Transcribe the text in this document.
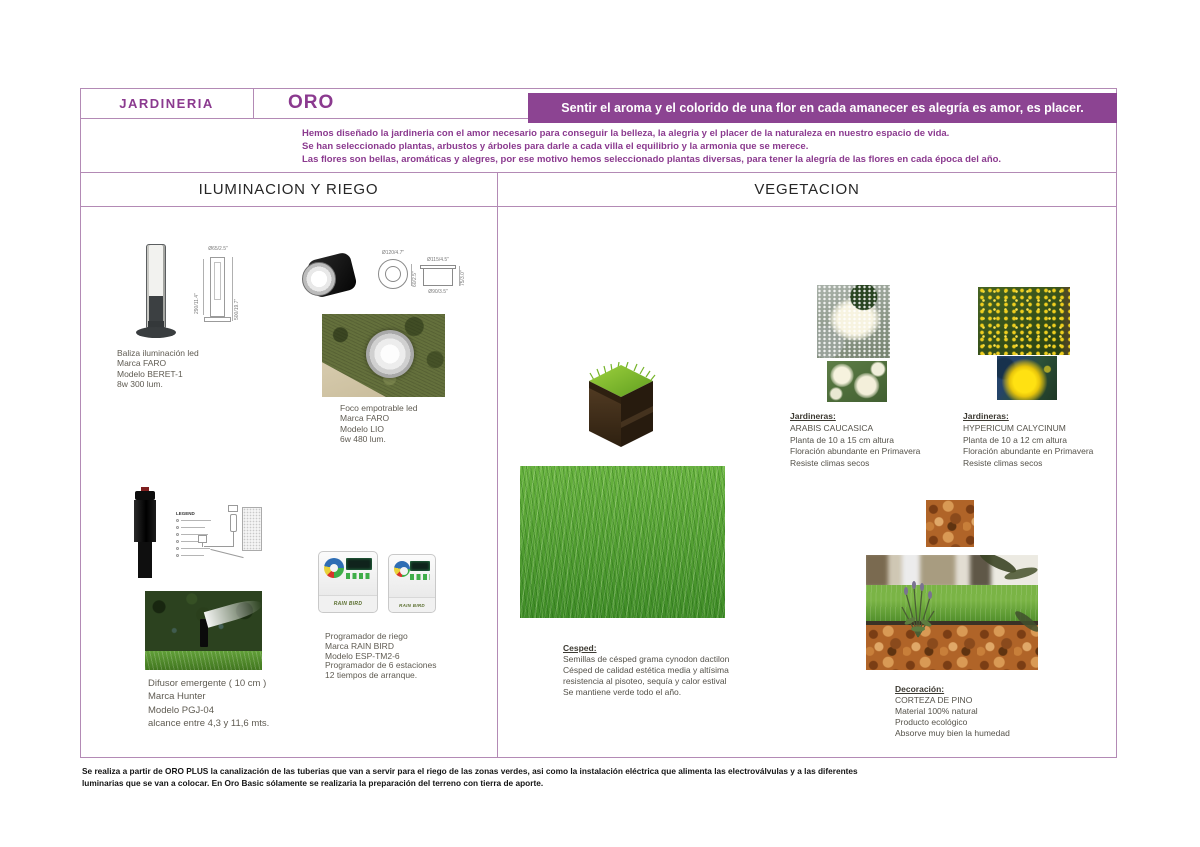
JARDINERIA	ORO	Sentir el aroma y el colorido de una flor en cada amanecer es alegría es amor, es placer.
Hemos diseñado la jardineria con el amor necesario para conseguir la belleza, la alegria y el placer de la naturaleza en nuestro espacio de vida.
Se han seleccionado plantas, arbustos y árboles para darle a cada villa el equilibrio y la armonia que se merece.
Las flores son bellas, aromáticas y alegres, por ese motivo hemos seleccionado plantas diversas, para tener la alegría de las flores en cada época del año.
ILUMINACION Y RIEGO	VEGETACION
Ø65/2.5"
290/11.4"	500/19.7"
Baliza iluminación led
Marca FARO
Modelo BERET-1
8w 300 lum.
Ø120/4.7"
60/2.5"
Ø115/4.5"
75/3.0"
Ø90/3.5"
Foco empotrable led
Marca FARO
Modelo LIO
6w 480 lum.
LEGEND
Difusor emergente ( 10 cm )
Marca Hunter
Modelo PGJ-04
alcance entre 4,3 y 11,6 mts.
RAIN BIRD	RAIN BIRD
Programador de riego
Marca RAIN BIRD
Modelo ESP-TM2-6
Programador de 6 estaciones
12 tiempos de arranque.
Jardineras:
ARABIS CAUCASICA
Planta de 10 a 15 cm altura
Floración abundante en Primavera
Resiste climas secos
Jardineras:
HYPERICUM CALYCINUM
Planta de 10 a 12 cm altura
Floración abundante en Primavera
Resiste climas secos
Cesped:
Semillas de césped grama cynodon dactilon
Césped de calidad estética media y altísima
resistencia al pisoteo, sequía y calor estival
Se mantiene verde todo el año.	Decoración:
CORTEZA DE PINO
Material 100% natural
Producto ecológico
Absorve muy bien la humedad
Se realiza a partir de ORO PLUS la canalización de las tuberias que van a servir para el riego de las zonas verdes, asi como la instalación eléctrica que alimenta las electroválvulas y a las diferentes
luminarias que se van a colocar. En Oro Basic sólamente se realizaria la preparación del terreno con tierra de aporte.
